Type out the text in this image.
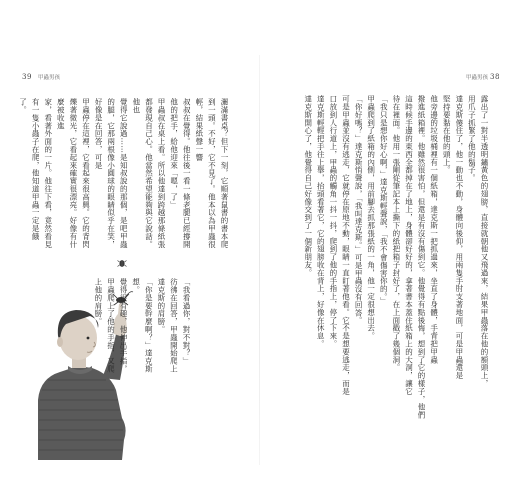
39 甲蟲男孩

灑滿書桌？但下一刻，它順著鼠書的書本爬到一頭。不好，它不見了。他本以為甲蟲很輕，結果紙聲一響

叔叔在覺得。他往後一看一條老腿已經撐開他的把手，給他迎來「嗯，了」

甲蟲叔在桌上看。所以他達到跨越那條紙張都發現自己心。他當然希望能夠與它說話。他也

覺得它說過……是知叔說的那個，是吧甲蟲的腿，它那兩根像小圓球的眼睛似乎在笑，好像是在回答，可是

甲蟲停在這裡，它看起來很高興。它的背閃爍著微光，它看起來確實很漂亮。好像有什麼被收進

家，看著外面的一片。他往下看，竟然看見有一隻小蟲子在爬，他知道甲蟲一定是餓了。

「我看過你，對不對？」

彷彿在回答，甲蟲開始爬上達克斯的肩膀。

「你是要幹麼啊？」達克斯想。

覺得很有趣，他伸出手指，甲蟲爬上了他的手指，又爬上他的肩膀。

甲蟲男孩 38

露出了一對半透明鏽黃色的翅膀，直接就朝他又飛過來，結果甲蟲落在他的額頭上，

用爪子抓緊了他的鬍子。

達克斯傻住了，他一動也不動，身體向後仰，用兩隻手肘支著地面，可是甲蟲還是

堅持要黏在他的頭上。

他旁邊的垃圾桶裡有一個紙箱，達克斯一把抓過來，坐直了身體，手背把甲蟲

撥進紙箱裡。他雖然很害怕，但還是有沒有傷到它。他覺得有點後悔，想到了它的樣子，他們

這時候手邊的東西全都掉在了地上，身體卻好好的，拿著書本蓋住紙箱上的大洞，讓它

待在裡面。他用一張剛從筆記本上撕下的紙把箱子封好了，在上面戳了幾個洞。

「我只是想你好心啊，」達克斯輕聲說，「我不會傷害你的。」

甲蟲爬到了紙箱的內側，用前腳去抓那張紙的一角，他一定很想出去。

「你好嗎？」達克斯悄聲說，「我叫達克斯。」可是甲蟲沒有回答。

可是甲蟲並沒有逃走，它就停在原地不動，眼睛一直盯著他看。它不是想要逃走，而是

口放到人行道上，甲蟲的觸角一抖一抖，爬到了他的手指上，停了下來。

達克斯輕輕把手往上舉，抬頭看著它，它的翅膀收在背上，好像在休息。

達克斯開心了，他覺得自己好像交到了一個新朋友。
